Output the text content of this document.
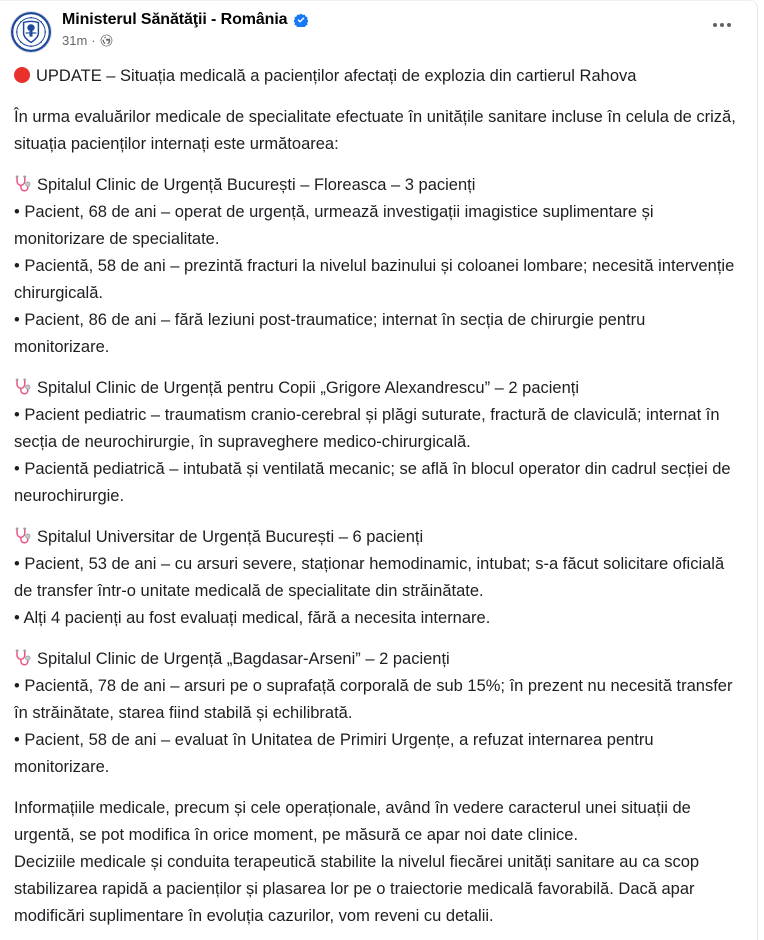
Ministerul Sănătăţii - România
31m ·
UPDATE – Situația medicală a pacienților afectați de explozia din cartierul Rahova

În urma evaluărilor medicale de specialitate efectuate în unitățile sanitare incluse în celula de criză, situația pacienților internați este următoarea:

Spitalul Clinic de Urgență București – Floreasca – 3 pacienți

• Pacient, 68 de ani – operat de urgență, urmează investigații imagistice suplimentare și monitorizare de specialitate.

• Pacientă, 58 de ani – prezintă fracturi la nivelul bazinului și coloanei lombare; necesită intervenție chirurgicală.

• Pacient, 86 de ani – fără leziuni post-traumatice; internat în secția de chirurgie pentru monitorizare.

Spitalul Clinic de Urgență pentru Copii „Grigore Alexandrescu” – 2 pacienți

• Pacient pediatric – traumatism cranio-cerebral și plăgi suturate, fractură de claviculă; internat în secția de neurochirurgie, în supraveghere medico-chirurgicală.

• Pacientă pediatrică – intubată și ventilată mecanic; se află în blocul operator din cadrul secției de neurochirurgie.

Spitalul Universitar de Urgență București – 6 pacienți

• Pacient, 53 de ani – cu arsuri severe, staționar hemodinamic, intubat; s-a făcut solicitare oficială de transfer într-o unitate medicală de specialitate din străinătate.

• Alți 4 pacienți au fost evaluați medical, fără a necesita internare.

Spitalul Clinic de Urgență „Bagdasar-Arseni” – 2 pacienți

• Pacientă, 78 de ani – arsuri pe o suprafață corporală de sub 15%; în prezent nu necesită transfer în străinătate, starea fiind stabilă și echilibrată.

• Pacient, 58 de ani – evaluat în Unitatea de Primiri Urgențe, a refuzat internarea pentru monitorizare.

Informațiile medicale, precum și cele operaționale, având în vedere caracterul unei situații de urgentă, se pot modifica în orice moment, pe măsură ce apar noi date clinice.

Deciziile medicale și conduita terapeutică stabilite la nivelul fiecărei unități sanitare au ca scop stabilizarea rapidă a pacienților și plasarea lor pe o traiectorie medicală favorabilă. Dacă apar modificări suplimentare în evoluția cazurilor, vom reveni cu detalii.
